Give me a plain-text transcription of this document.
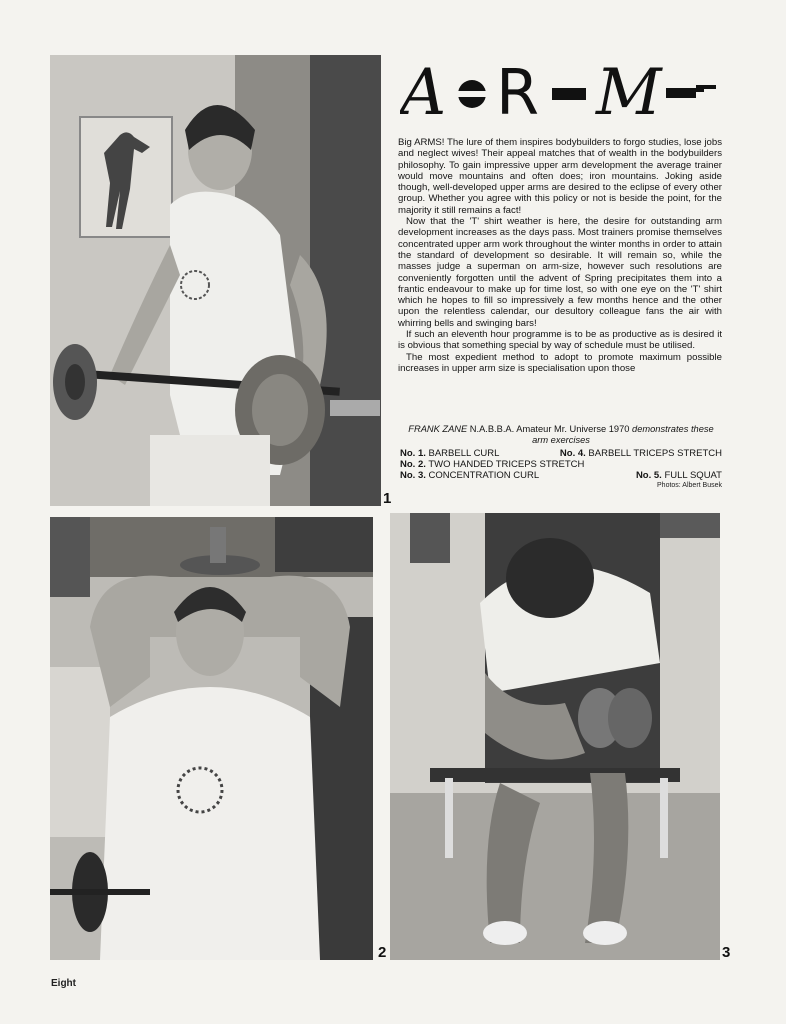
1
A R M

Big ARMS! The lure of them inspires bodybuilders to forgo studies, lose jobs and neglect wives! Their appeal matches that of wealth in the bodybuilders philosophy. To gain impressive upper arm development the average trainer would move mountains and often does; iron mountains. Joking aside though, well-developed upper arms are desired to the eclipse of every other group. Whether you agree with this policy or not is beside the point, for the majority it still remains a fact!

Now that the 'T' shirt weather is here, the desire for outstanding arm development increases as the days pass. Most trainers promise themselves concentrated upper arm work throughout the winter months in order to attain the standard of development so desirable. It will remain so, while the masses judge a superman on arm-size, however such resolutions are conveniently forgotten until the advent of Spring precipitates them into a frantic endeavour to make up for time lost, so with one eye on the 'T' shirt which he hopes to fill so impressively a few months hence and the other upon the relentless calendar, our desultory colleague fans the air with whirring bells and swinging bars!

If such an eleventh hour programme is to be as productive as is desired it is obvious that something special by way of schedule must be utilised.

The most expedient method to adopt to promote maximum possible increases in upper arm size is specialisation upon those

FRANK ZANE N.A.B.B.A. Amateur Mr. Universe 1970 demonstrates these arm exercises
No. 1. BARBELL CURL	No. 4. BARBELL TRICEPS STRETCH
No. 2. TWO HANDED TRICEPS STRETCH
No. 3. CONCENTRATION CURL	No. 5. FULL SQUAT
Photos: Albert Busek
2	3
Eight
